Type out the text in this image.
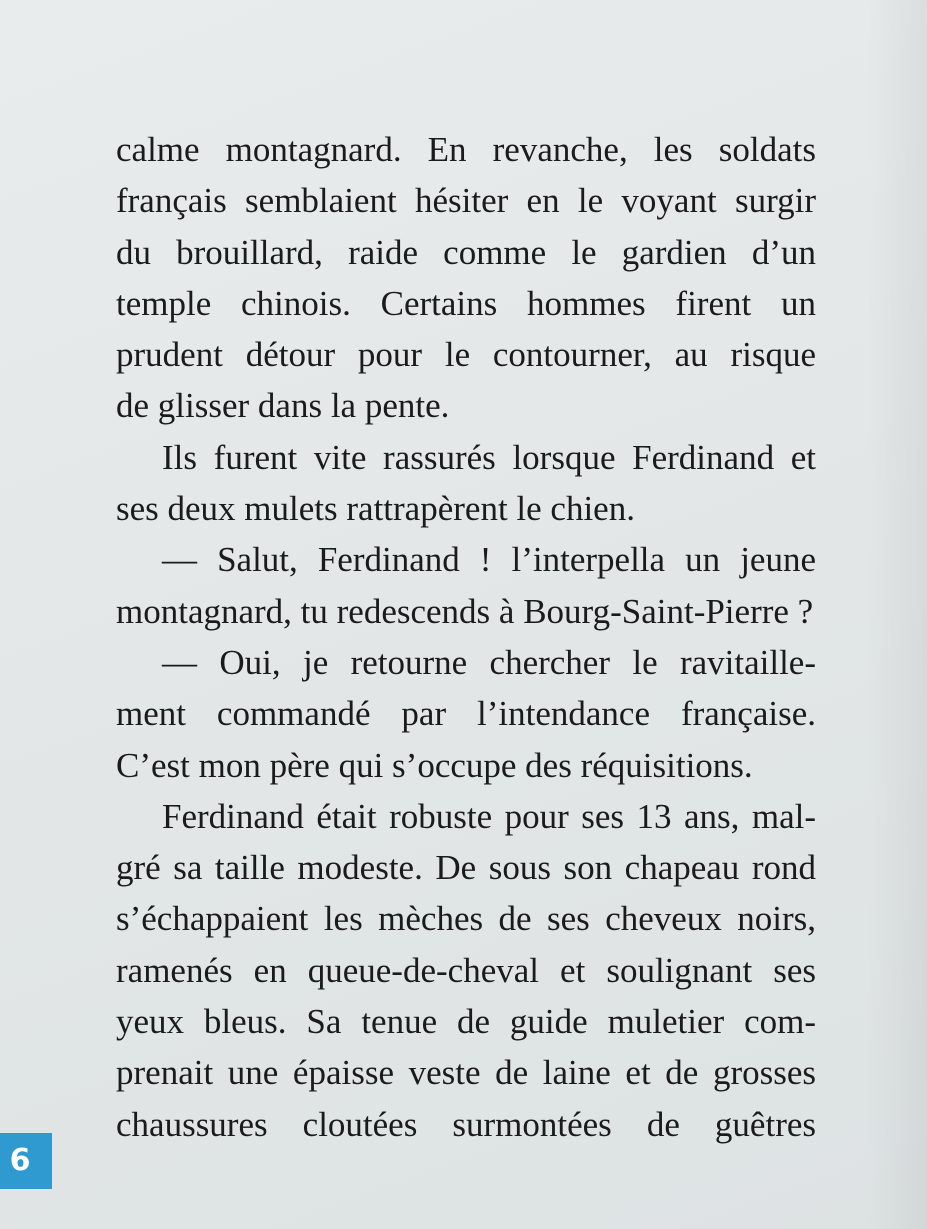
calme montagnard. En revanche, les soldats
français semblaient hésiter en le voyant surgir
du brouillard, raide comme le gardien d’un
temple chinois. Certains hommes firent un
prudent détour pour le contourner, au risque
de glisser dans la pente.
Ils furent vite rassurés lorsque Ferdinand et
ses deux mulets rattrapèrent le chien.
— Salut, Ferdinand ! l’interpella un jeune
montagnard, tu redescends à Bourg-Saint-Pierre ?
— Oui, je retourne chercher le ravitaille-
ment commandé par l’intendance française.
C’est mon père qui s’occupe des réquisitions.
Ferdinand était robuste pour ses 13 ans, mal-
gré sa taille modeste. De sous son chapeau rond
s’échappaient les mèches de ses cheveux noirs,
ramenés en queue-de-cheval et soulignant ses
yeux bleus. Sa tenue de guide muletier com-
prenait une épaisse veste de laine et de grosses
chaussures cloutées surmontées de guêtres
6
